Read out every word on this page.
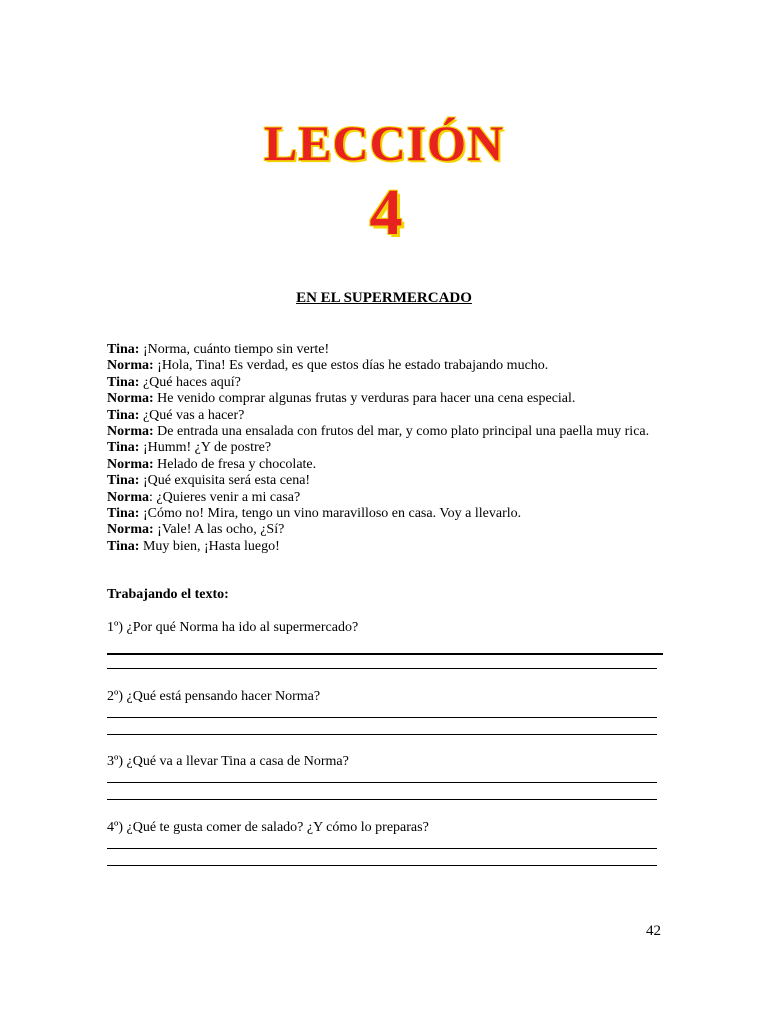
LECCIÓN
4
EN EL SUPERMERCADO
Tina: ¡Norma, cuánto tiempo sin verte!
Norma: ¡Hola, Tina! Es verdad, es que estos días he estado trabajando mucho.
Tina: ¿Qué haces aquí?
Norma: He venido comprar algunas frutas y verduras para hacer una cena especial.
Tina: ¿Qué vas a hacer?
Norma: De entrada una ensalada con frutos del mar, y como plato principal una paella muy rica.
Tina: ¡Humm! ¿Y de postre?
Norma: Helado de fresa y chocolate.
Tina: ¡Qué exquisita será esta cena!
Norma: ¿Quieres venir a mi casa?
Tina: ¡Cómo no! Mira, tengo un vino maravilloso en casa. Voy a llevarlo.
Norma: ¡Vale! A las ocho, ¿Sí?
Tina: Muy bien, ¡Hasta luego!
Trabajando el texto:
1º) ¿Por qué Norma ha ido al supermercado?
2º) ¿Qué está pensando hacer Norma?
3º) ¿Qué va a llevar Tina a casa de Norma?
4º) ¿Qué te gusta comer de salado? ¿Y cómo lo preparas?
42
